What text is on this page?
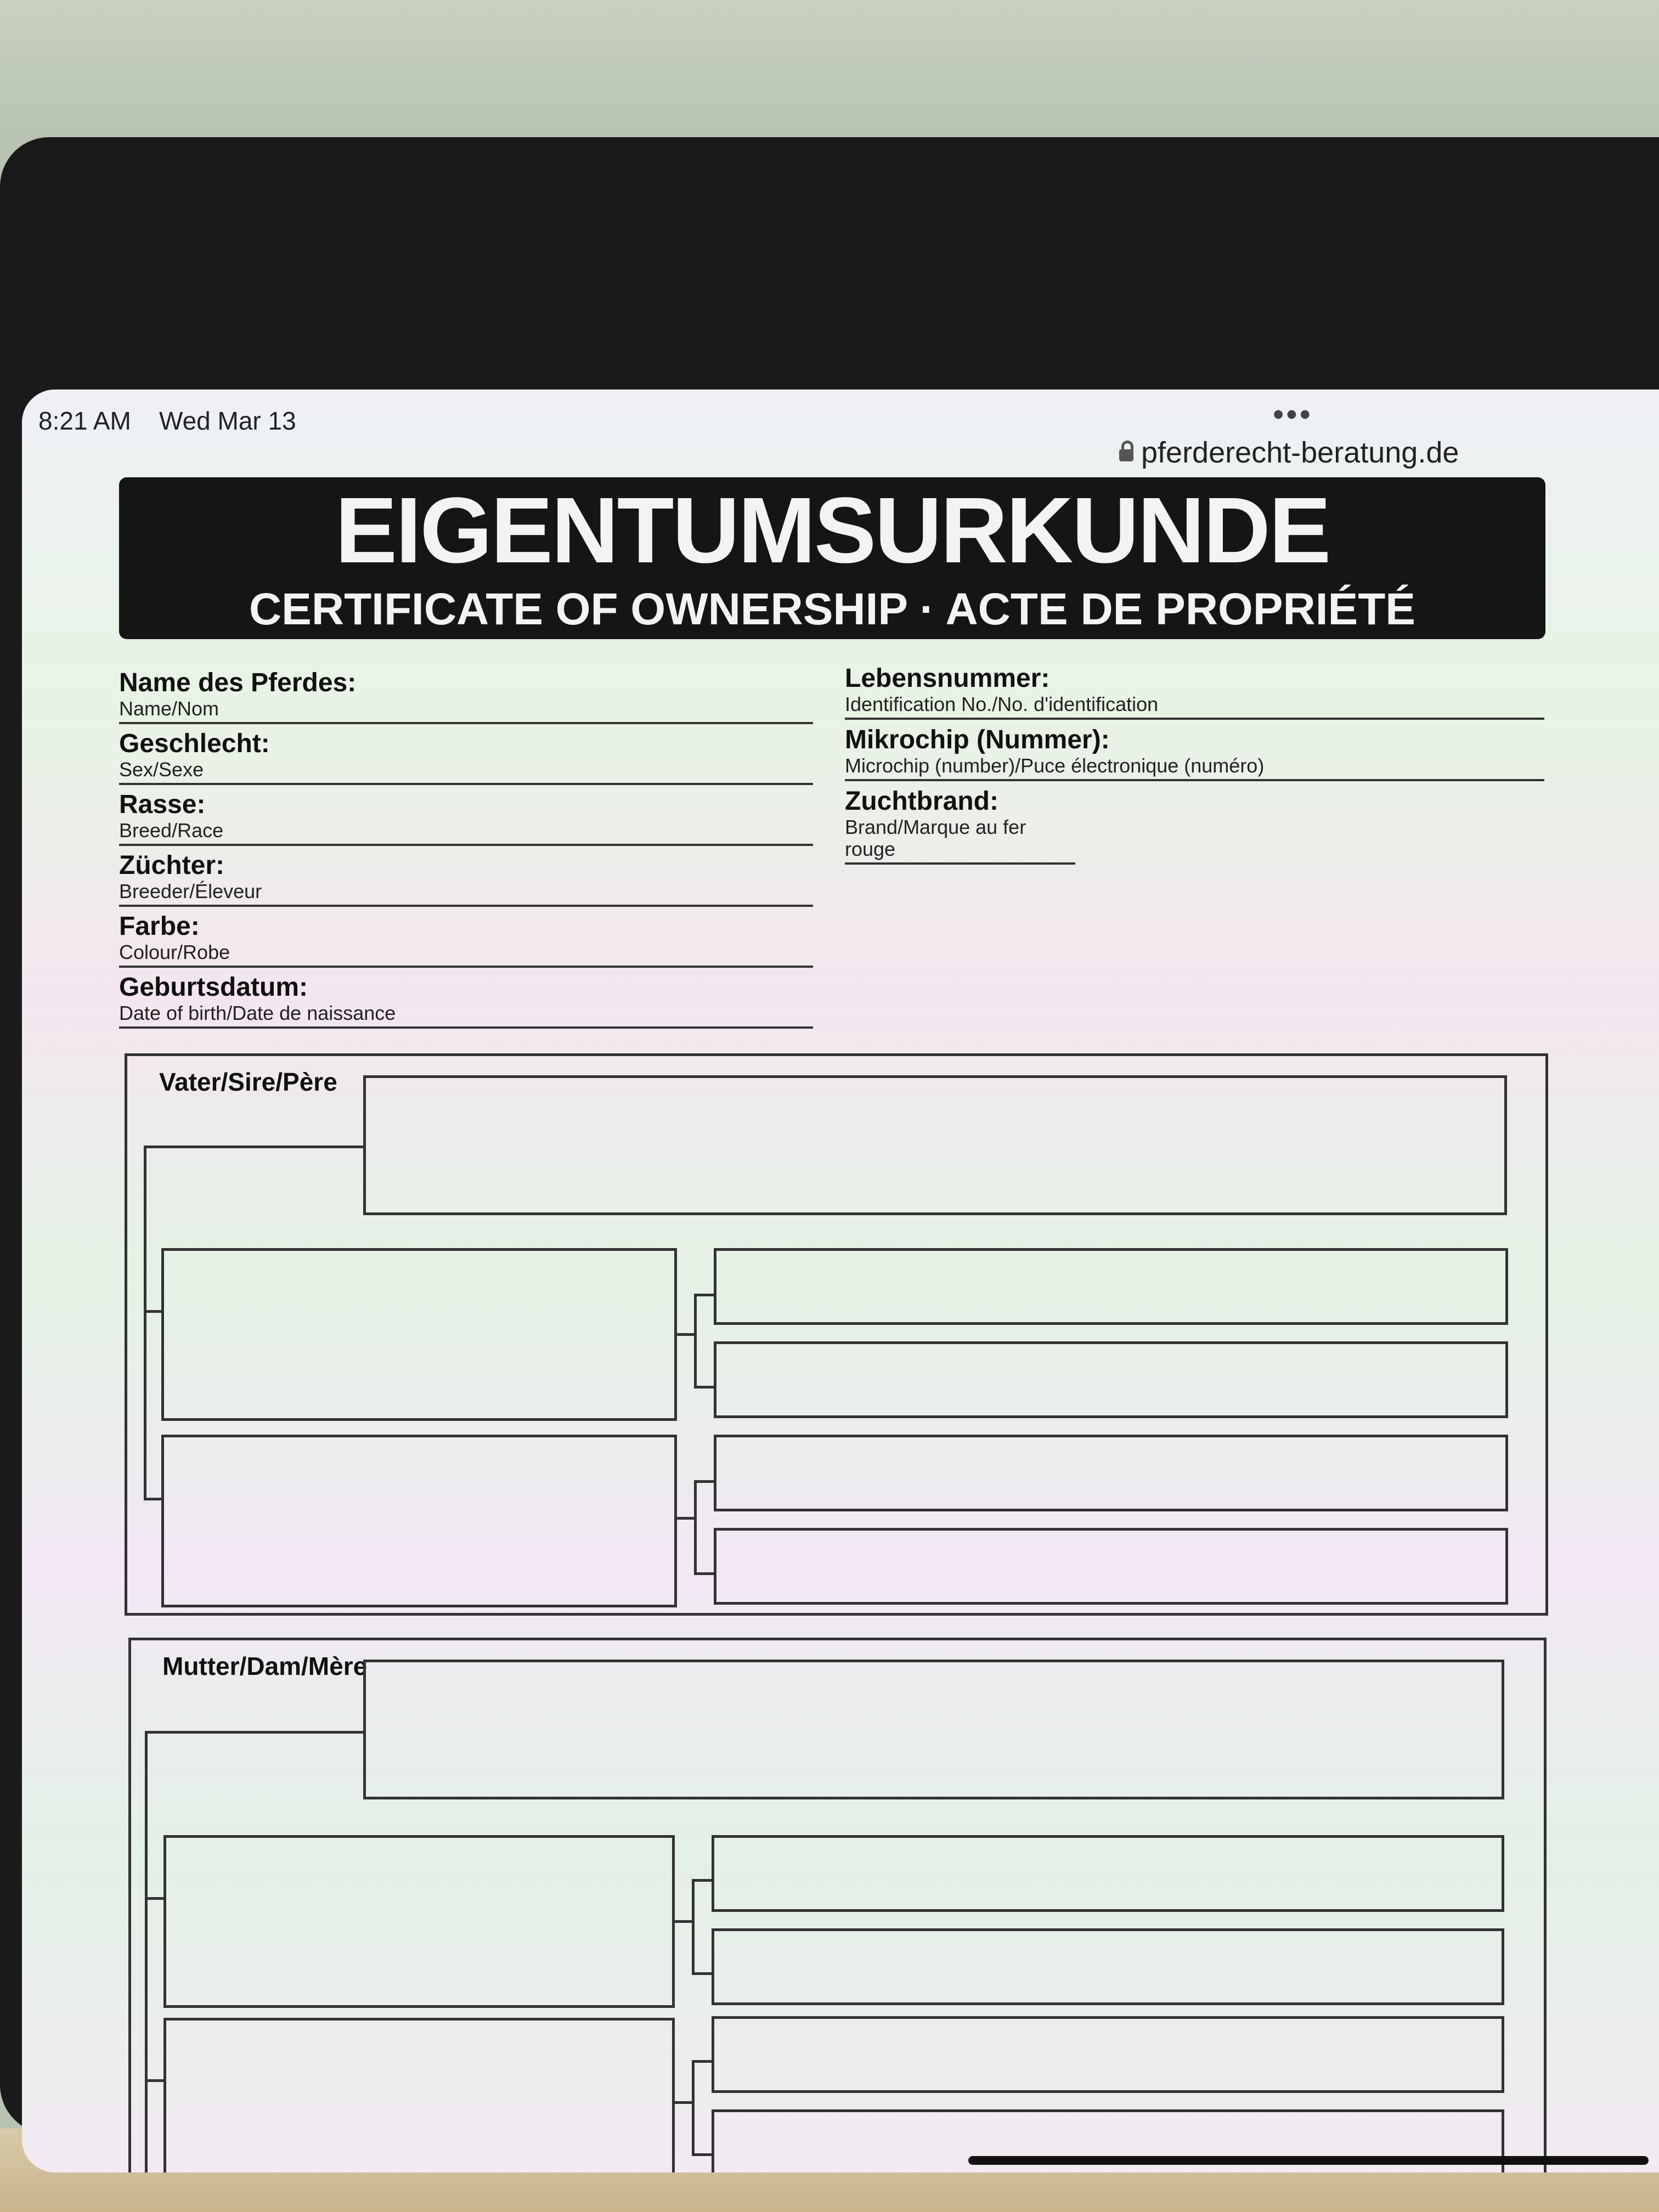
8:21 AM Wed Mar 13	•••
pferderecht-beratung.de
EIGENTUMSURKUNDE
CERTIFICATE OF OWNERSHIP · ACTE DE PROPRIÉTÉ
Name des Pferdes:
Name/Nom
Geschlecht:
Sex/Sexe
Rasse:
Breed/Race
Züchter:
Breeder/Éleveur
Farbe:
Colour/Robe
Geburtsdatum:
Date of birth/Date de naissance
Lebensnummer:
Identification No./No. d'identification
Mikrochip (Nummer):
Microchip (number)/Puce électronique (numéro)
Zuchtbrand:
Brand/Marque au fer rouge
Vater/Sire/Père
Mutter/Dam/Mère
